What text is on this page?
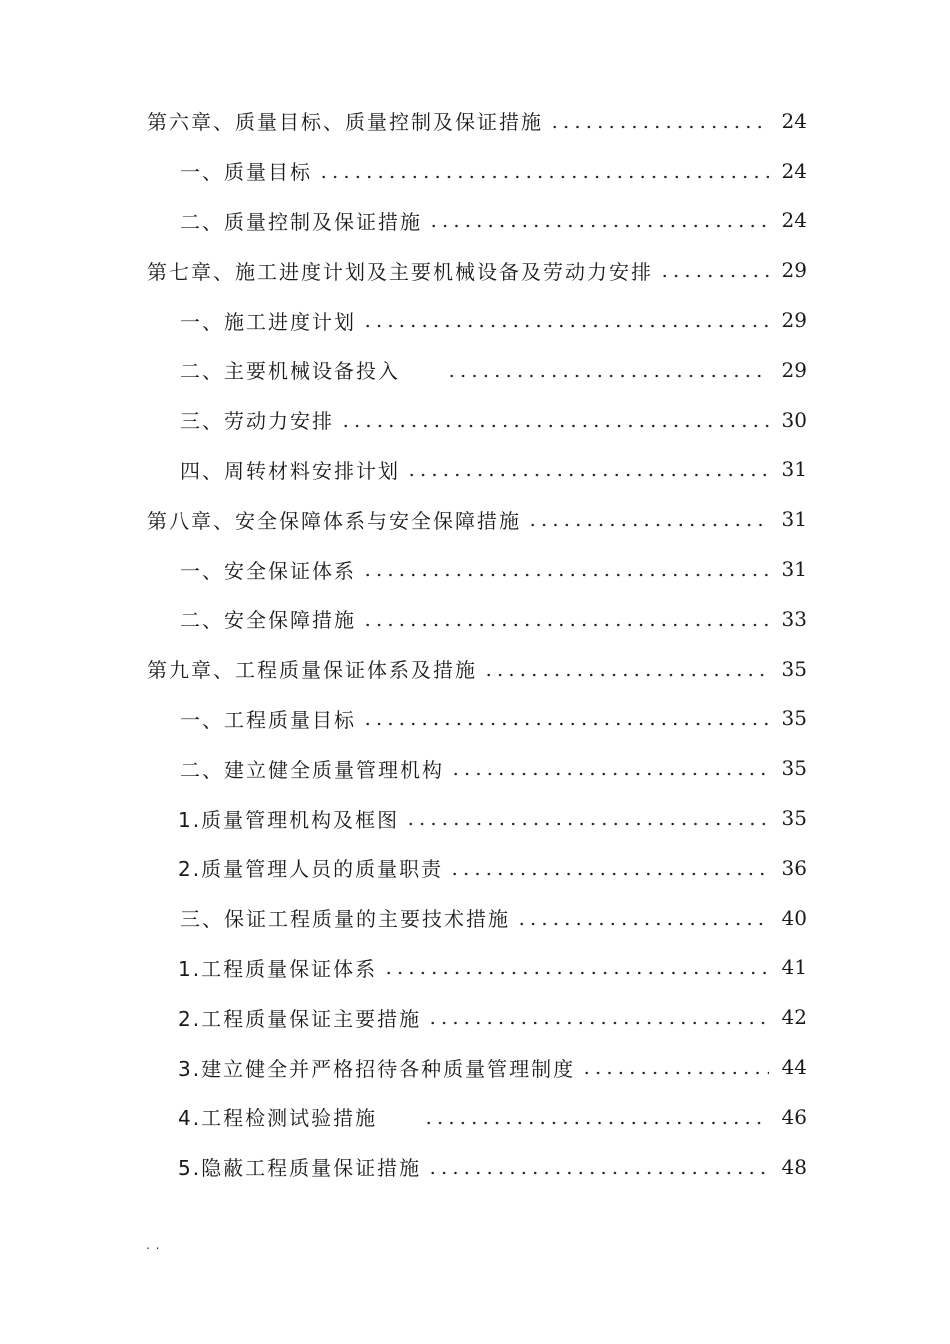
第六章、质量目标、质量控制及保证措施	24
一、质量目标	24
二、质量控制及保证措施	24
第七章、施工进度计划及主要机械设备及劳动力安排	29
一、施工进度计划	29
二、主要机械设备投入	29
三、劳动力安排	30
四、周转材料安排计划	31
第八章、安全保障体系与安全保障措施	31
一、安全保证体系	31
二、安全保障措施	33
第九章、工程质量保证体系及措施	35
一、工程质量目标	35
二、建立健全质量管理机构	35
1.质量管理机构及框图	35
2.质量管理人员的质量职责	36
三、保证工程质量的主要技术措施	40
1.工程质量保证体系	41
2.工程质量保证主要措施	42
3.建立健全并严格招待各种质量管理制度	44
4.工程检测试验措施	46
5.隐蔽工程质量保证措施	48
. .
